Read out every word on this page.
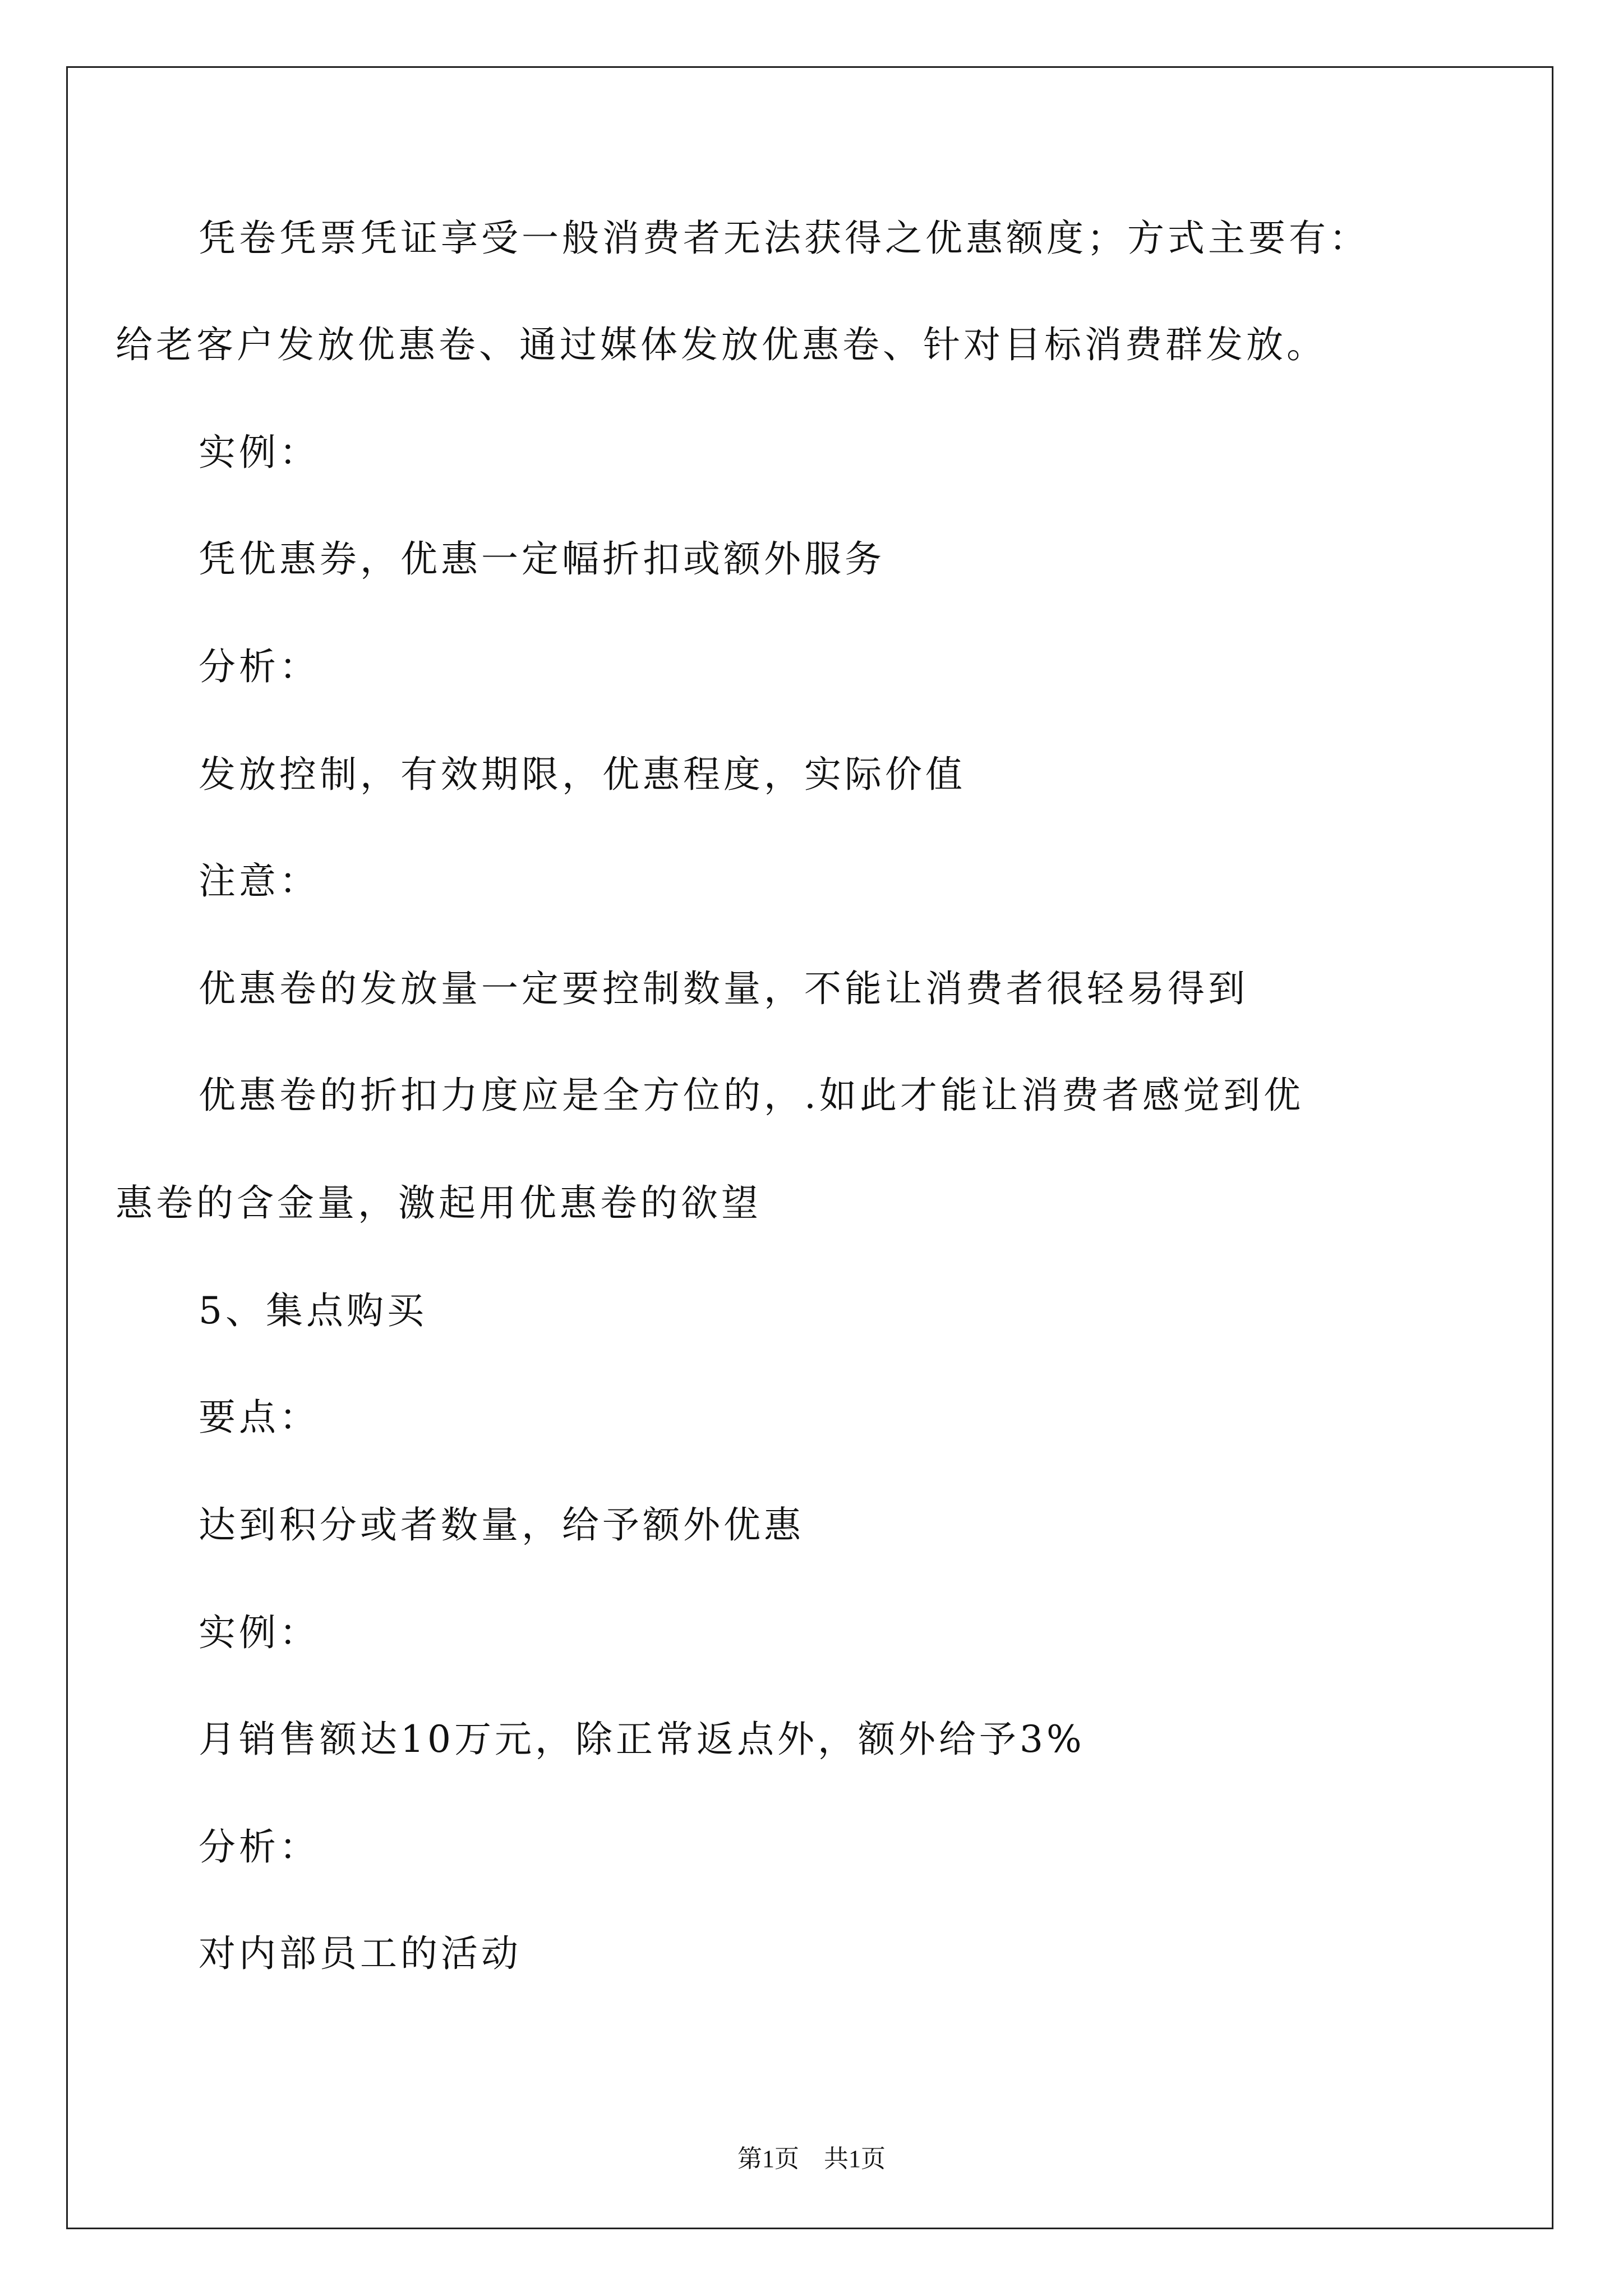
凭卷凭票凭证享受一般消费者无法获得之优惠额度；方式主要有：
给老客户发放优惠卷、通过媒体发放优惠卷、针对目标消费群发放。
实例：
凭优惠券，优惠一定幅折扣或额外服务
分析：
发放控制，有效期限，优惠程度，实际价值
注意：
优惠卷的发放量一定要控制数量，不能让消费者很轻易得到
优惠卷的折扣力度应是全方位的，.如此才能让消费者感觉到优
惠卷的含金量，激起用优惠卷的欲望
5、集点购买
要点：
达到积分或者数量，给予额外优惠
实例：
月销售额达10万元，除正常返点外，额外给予3%
分析：
对内部员工的活动
第1页　共1页
